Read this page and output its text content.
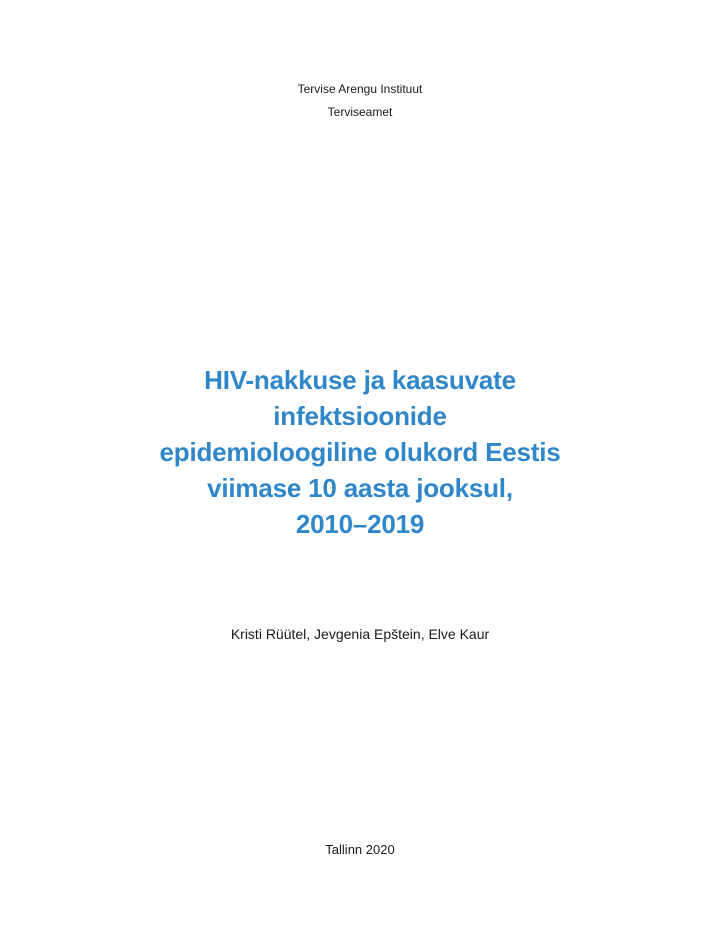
Tervise Arengu Instituut
Terviseamet
HIV-nakkuse ja kaasuvate
infektsioonide
epidemioloogiline olukord Eestis
viimase 10 aasta jooksul,
2010–2019
Kristi Rüütel, Jevgenia Epštein, Elve Kaur
Tallinn 2020
